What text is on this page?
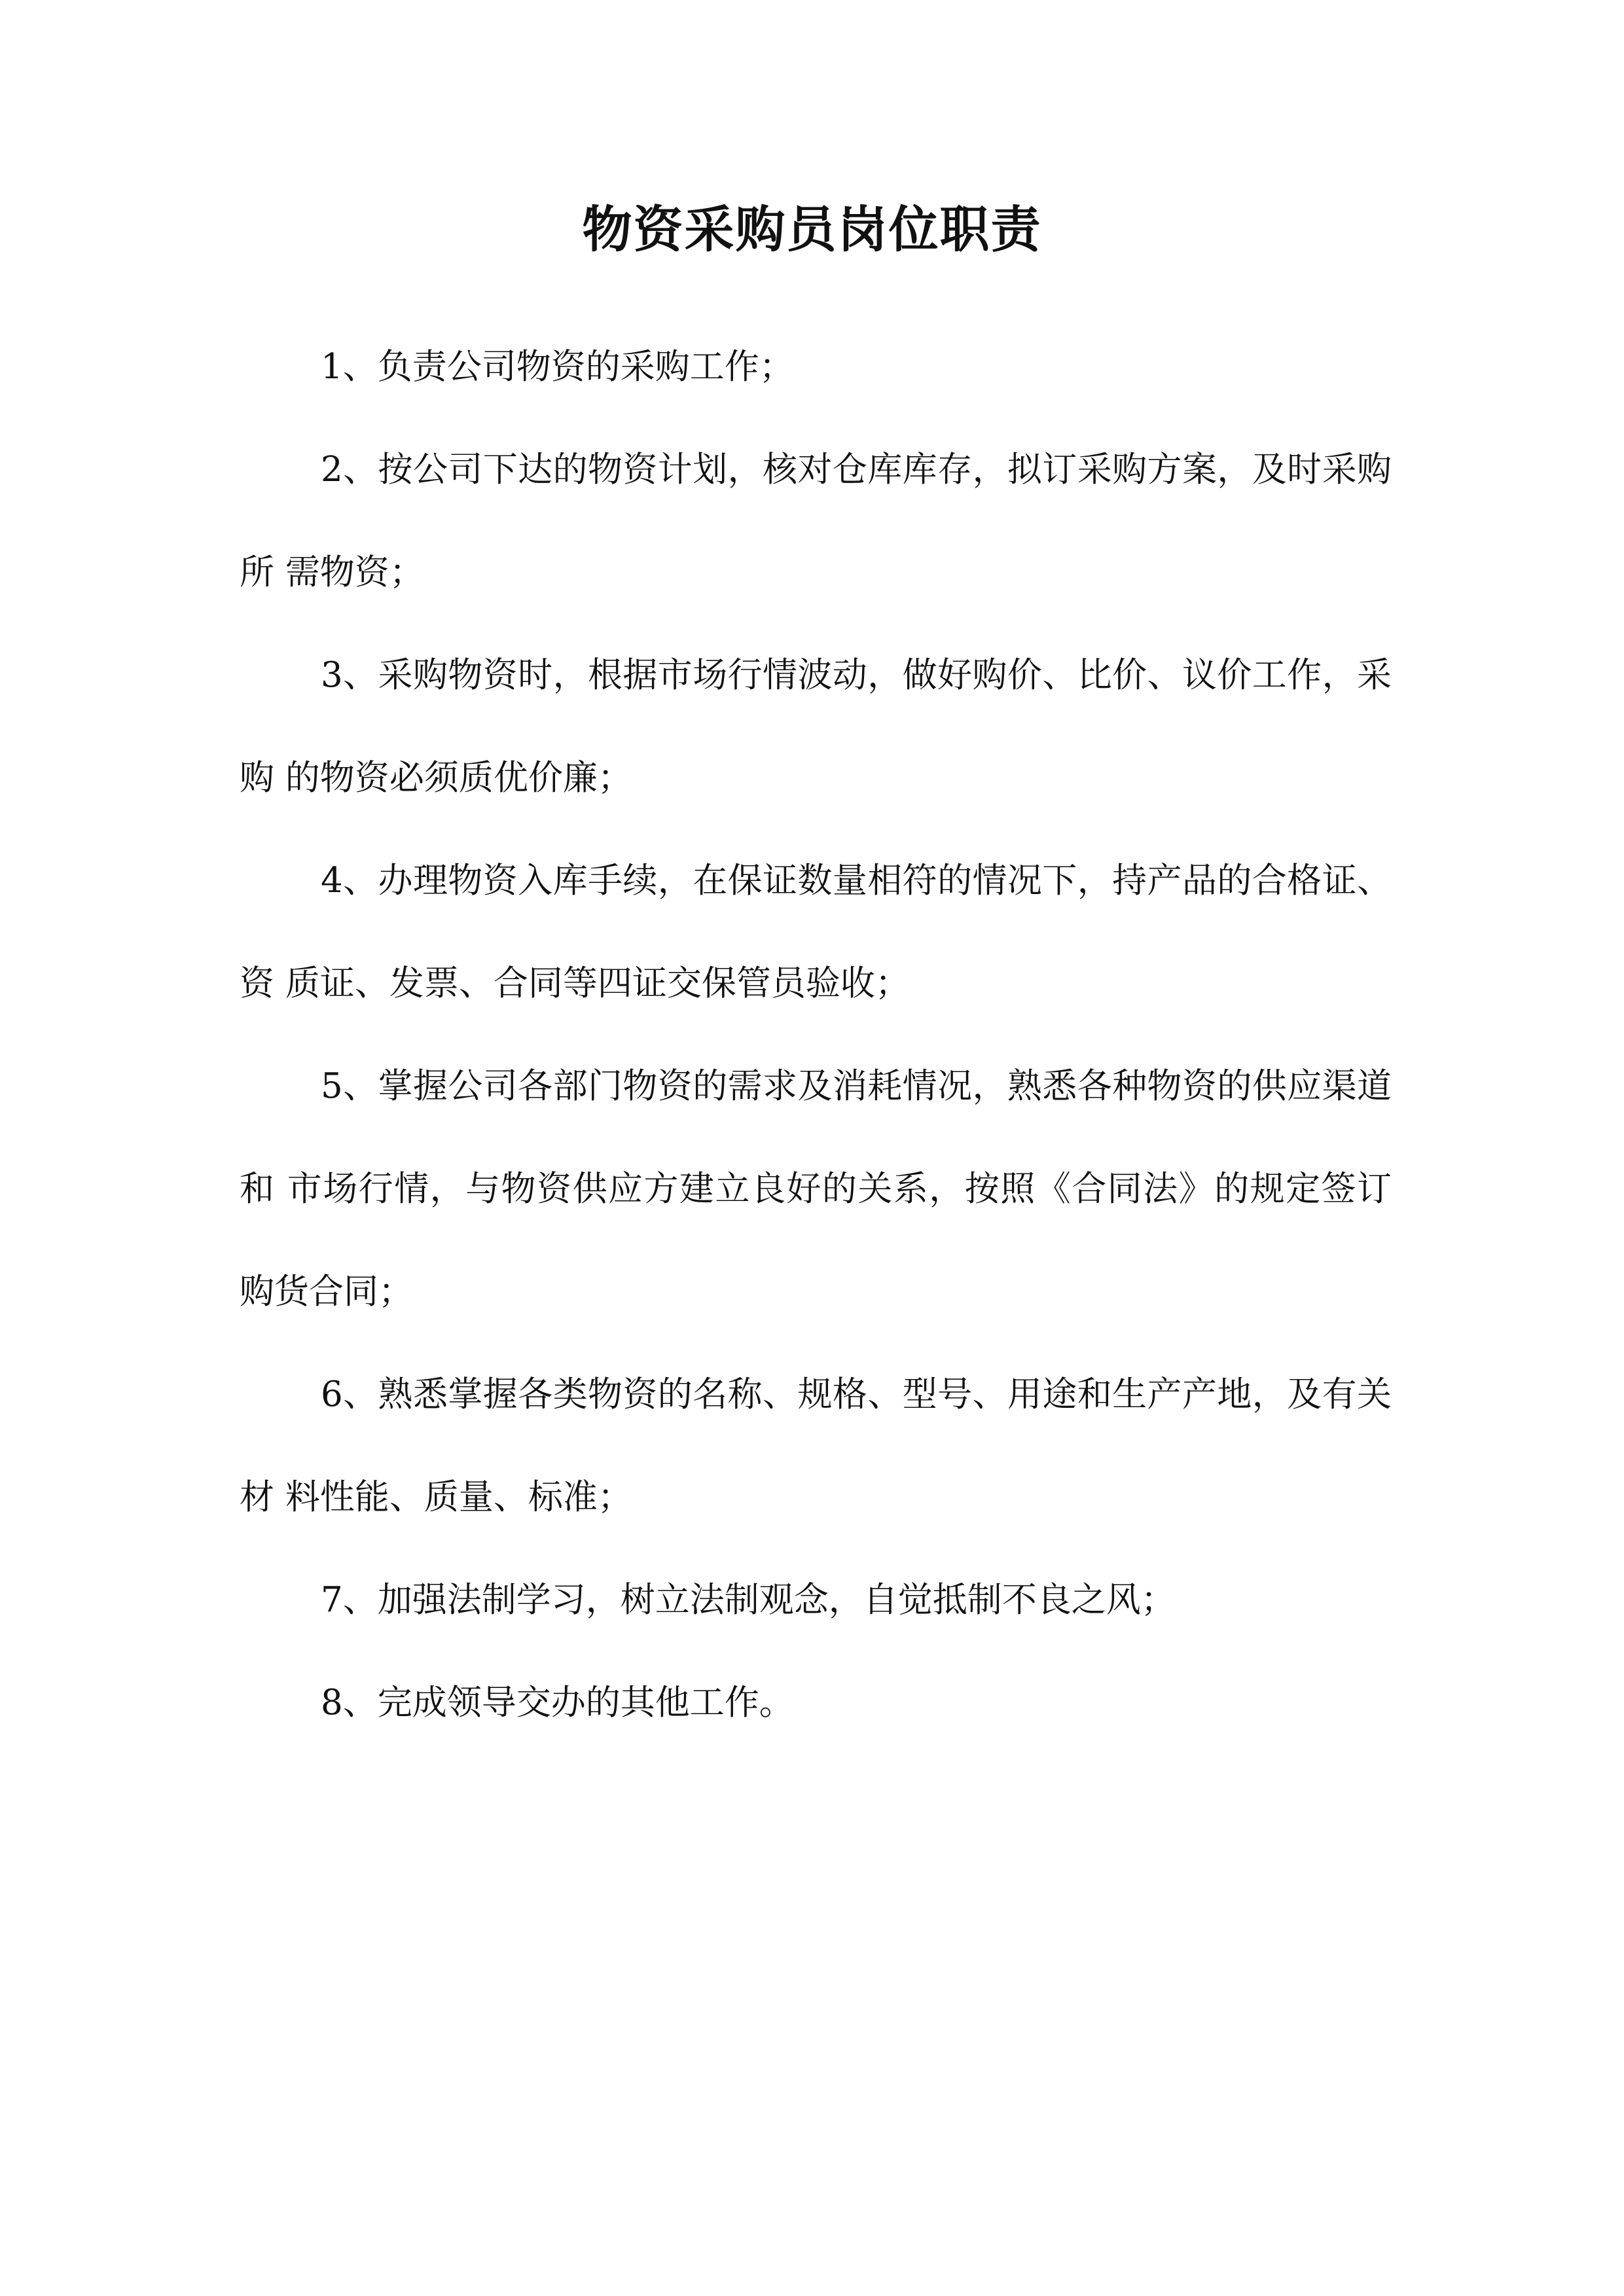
物资采购员岗位职责
1、负责公司物资的采购工作；
2、按公司下达的物资计划，核对仓库库存，拟订采购方案，及时采购所 需物资；
3、采购物资时，根据市场行情波动，做好购价、比价、议价工作，采购 的物资必须质优价廉；
4、办理物资入库手续，在保证数量相符的情况下，持产品的合格证、资 质证、发票、合同等四证交保管员验收；
5、掌握公司各部门物资的需求及消耗情况，熟悉各种物资的供应渠道和 市场行情，与物资供应方建立良好的关系，按照《合同法》的规定签订购货合同；
6、熟悉掌握各类物资的名称、规格、型号、用途和生产产地，及有关材 料性能、质量、标准；
7、加强法制学习，树立法制观念，自觉抵制不良之风；
8、完成领导交办的其他工作。
